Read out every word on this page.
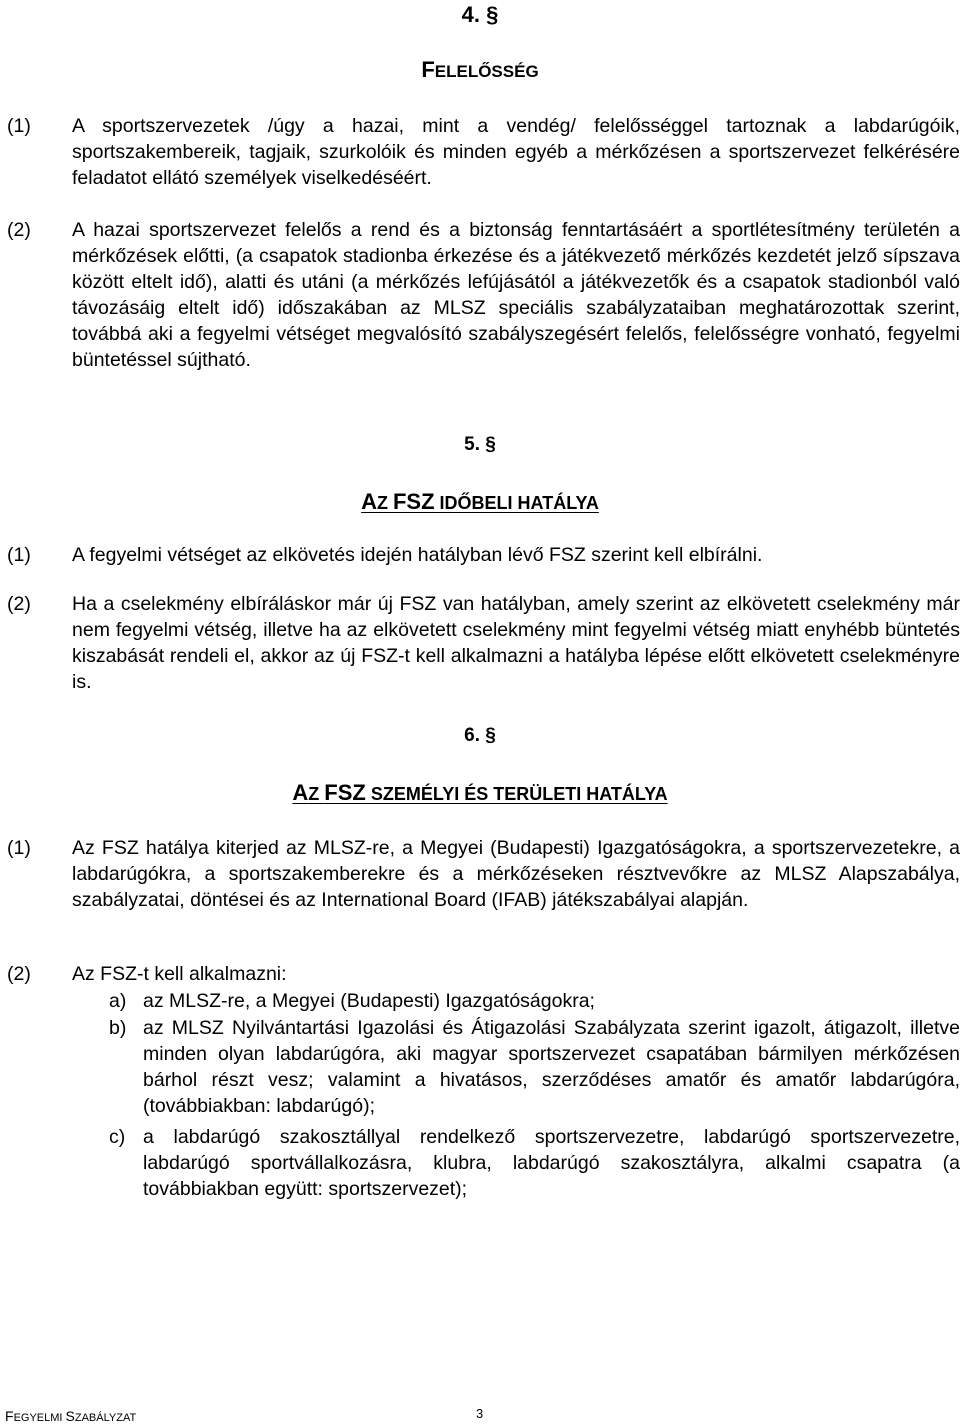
4. §
FELELŐSSÉG
(1) A sportszervezetek /úgy a hazai, mint a vendég/ felelősséggel tartoznak a labdarúgóik, sportszakembereik, tagjaik, szurkolóik és minden egyéb a mérkőzésen a sportszervezet felkérésére feladatot ellátó személyek viselkedéséért.
(2) A hazai sportszervezet felelős a rend és a biztonság fenntartásáért a sportlétesítmény területén a mérkőzések előtti, (a csapatok stadionba érkezése és a játékvezető mérkőzés kezdetét jelző sípszava között eltelt idő), alatti és utáni (a mérkőzés lefújásától a játékvezetők és a csapatok stadionból való távozásáig eltelt idő) időszakában az MLSZ speciális szabályzataiban meghatározottak szerint, továbbá aki a fegyelmi vétséget megvalósító szabályszegésért felelős, felelősségre vonható, fegyelmi büntetéssel sújtható.
5. §
AZ FSZ IDŐBELI HATÁLYA
(1) A fegyelmi vétséget az elkövetés idején hatályban lévő FSZ szerint kell elbírálni.
(2) Ha a cselekmény elbíráláskor már új FSZ van hatályban, amely szerint az elkövetett cselekmény már nem fegyelmi vétség, illetve ha az elkövetett cselekmény mint fegyelmi vétség miatt enyhébb büntetés kiszabását rendeli el, akkor az új FSZ-t kell alkalmazni a hatályba lépése előtt elkövetett cselekményre is.
6. §
AZ FSZ SZEMÉLYI ÉS TERÜLETI HATÁLYA
(1) Az FSZ hatálya kiterjed az MLSZ-re, a Megyei (Budapesti) Igazgatóságokra, a sportszervezetekre, a labdarúgókra, a sportszakemberekre és a mérkőzéseken résztvevőkre az MLSZ Alapszabálya, szabályzatai, döntései és az International Board (IFAB) játékszabályai alapján.
(2) Az FSZ-t kell alkalmazni:
a) az MLSZ-re, a Megyei (Budapesti) Igazgatóságokra;
b) az MLSZ Nyilvántartási Igazolási és Átigazolási Szabályzata szerint igazolt, átigazolt, illetve minden olyan labdarúgóra, aki magyar sportszervezet csapatában bármilyen mérkőzésen bárhol részt vesz; valamint a hivatásos, szerződéses amatőr és amatőr labdarúgóra, (továbbiakban: labdarúgó);
c) a labdarúgó szakosztállyal rendelkező sportszervezetre, labdarúgó sportszervezetre, labdarúgó sportvállalkozásra, klubra, labdarúgó szakosztályra, alkalmi csapatra (a továbbiakban együtt: sportszervezet);
FEGYELMI SZABÁLYZAT	3
